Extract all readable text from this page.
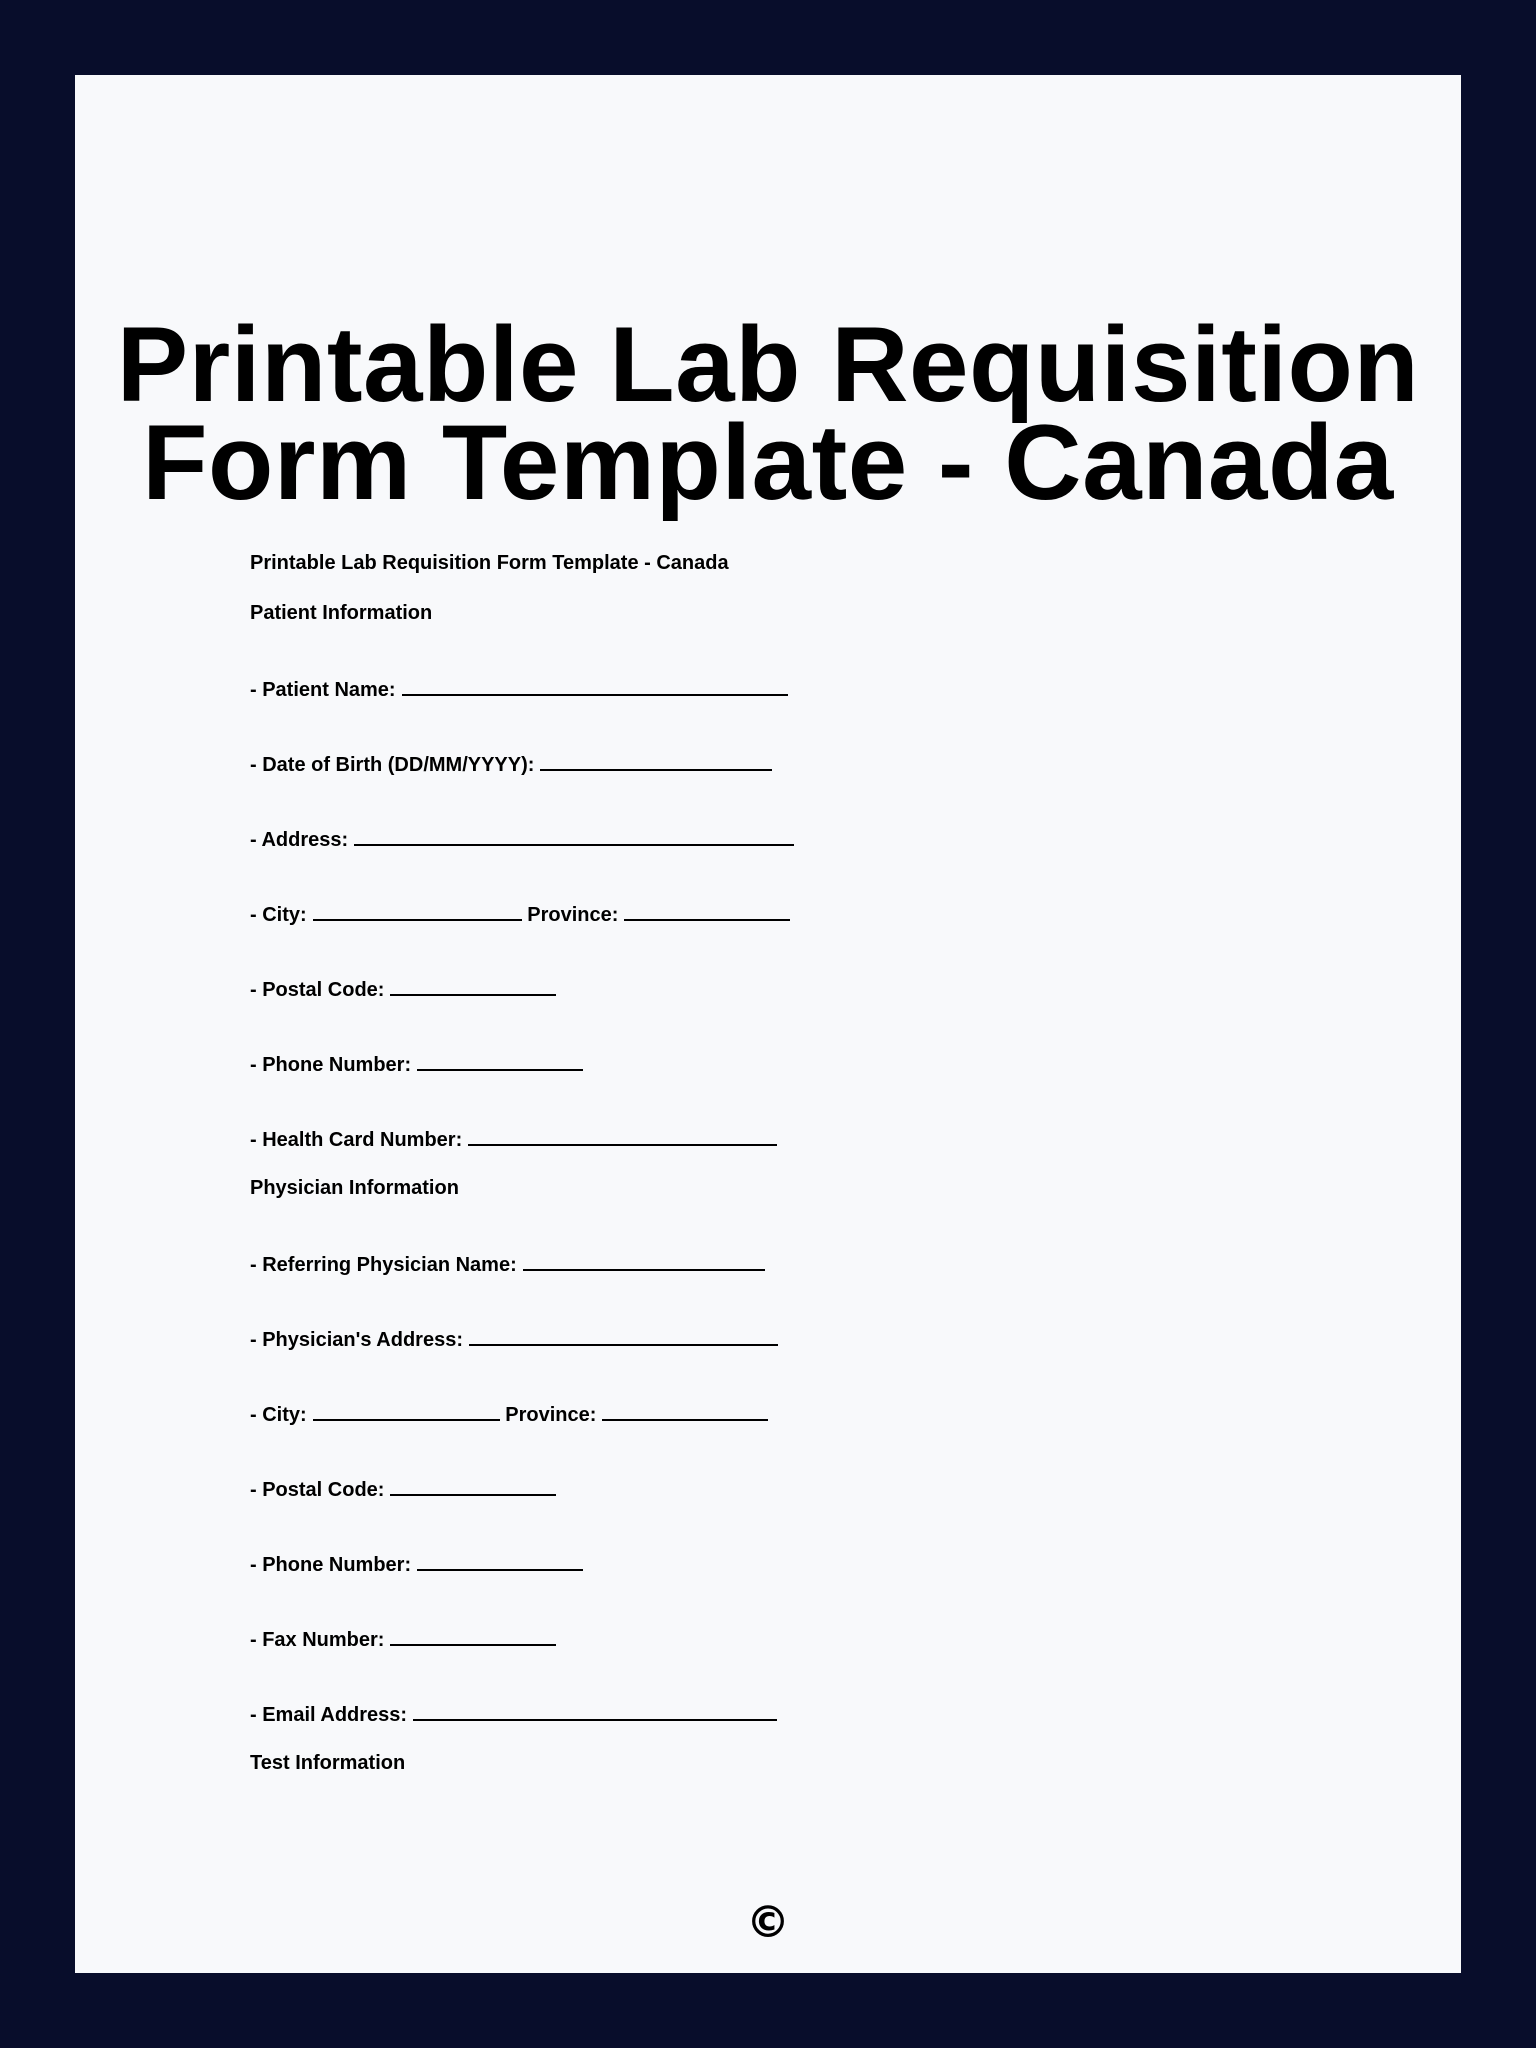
Printable Lab Requisition
Form Template - Canada
Printable Lab Requisition Form Template - Canada
Patient Information
- Patient Name:
- Date of Birth (DD/MM/YYYY):
- Address:
- City:	Province:
- Postal Code:
- Phone Number:
- Health Card Number:
Physician Information
- Referring Physician Name:
- Physician's Address:
- City:	Province:
- Postal Code:
- Phone Number:
- Fax Number:
- Email Address:
Test Information
©
